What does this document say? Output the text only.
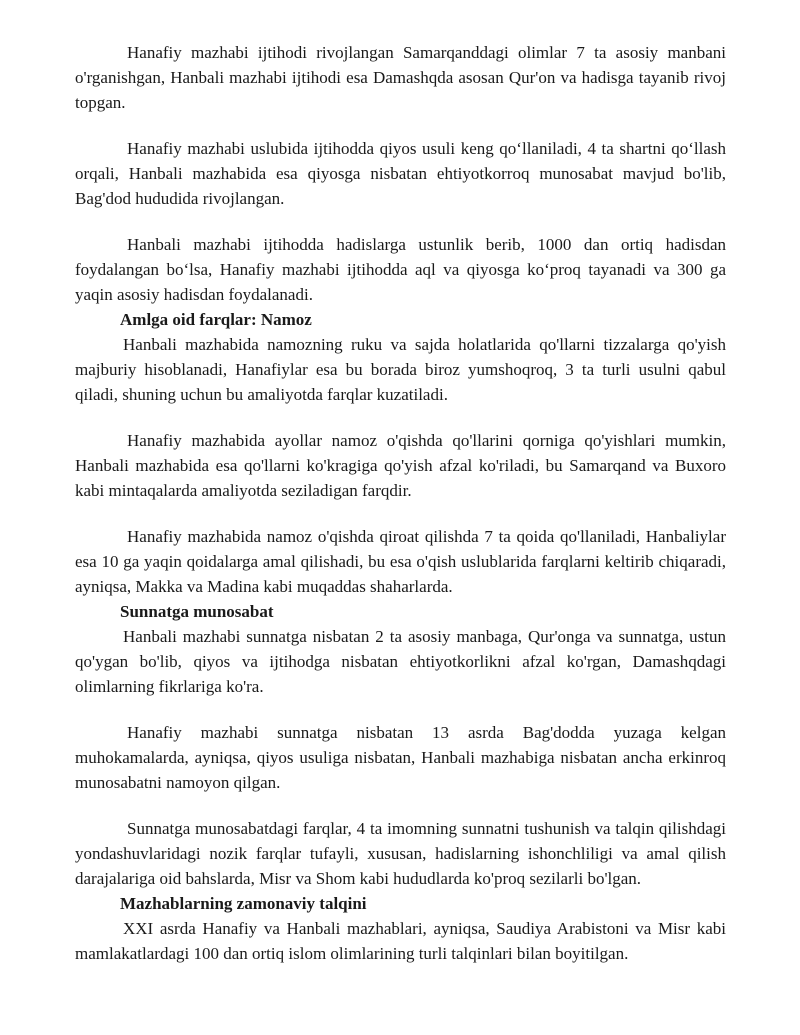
Hanafiy mazhabi ijtihodi rivojlangan Samarqanddagi olimlar 7 ta asosiy manbani o'rganishgan, Hanbali mazhabi ijtihodi esa Damashqda asosan Qur'on va hadisga tayanib rivoj topgan.

Hanafiy mazhabi uslubida ijtihodda qiyos usuli keng qo‘llaniladi, 4 ta shartni qo‘llash orqali, Hanbali mazhabida esa qiyosga nisbatan ehtiyotkorroq munosabat mavjud bo'lib, Bag'dod hududida rivojlangan.

Hanbali mazhabi ijtihodda hadislarga ustunlik berib, 1000 dan ortiq hadisdan foydalangan bo‘lsa, Hanafiy mazhabi ijtihodda aql va qiyosga ko‘proq tayanadi va 300 ga yaqin asosiy hadisdan foydalanadi.

Amlga oid farqlar: Namoz

Hanbali mazhabida namozning ruku va sajda holatlarida qo'llarni tizzalarga qo'yish majburiy hisoblanadi, Hanafiylar esa bu borada biroz yumshoqroq, 3 ta turli usulni qabul qiladi, shuning uchun bu amaliyotda farqlar kuzatiladi.

Hanafiy mazhabida ayollar namoz o'qishda qo'llarini qorniga qo'yishlari mumkin, Hanbali mazhabida esa qo'llarni ko'kragiga qo'yish afzal ko'riladi, bu Samarqand va Buxoro kabi mintaqalarda amaliyotda seziladigan farqdir.

Hanafiy mazhabida namoz o'qishda qiroat qilishda 7 ta qoida qo'llaniladi, Hanbaliylar esa 10 ga yaqin qoidalarga amal qilishadi, bu esa o'qish uslublarida farqlarni keltirib chiqaradi, ayniqsa, Makka va Madina kabi muqaddas shaharlarda.

Sunnatga munosabat

Hanbali mazhabi sunnatga nisbatan 2 ta asosiy manbaga, Qur'onga va sunnatga, ustun qo'ygan bo'lib, qiyos va ijtihodga nisbatan ehtiyotkorlikni afzal ko'rgan, Damashqdagi olimlarning fikrlariga ko'ra.

Hanafiy mazhabi sunnatga nisbatan 13 asrda Bag'dodda yuzaga kelgan muhokamalarda, ayniqsa, qiyos usuliga nisbatan, Hanbali mazhabiga nisbatan ancha erkinroq munosabatni namoyon qilgan.

Sunnatga munosabatdagi farqlar, 4 ta imomning sunnatni tushunish va talqin qilishdagi yondashuvlaridagi nozik farqlar tufayli, xususan, hadislarning ishonchliligi va amal qilish darajalariga oid bahslarda, Misr va Shom kabi hududlarda ko'proq sezilarli bo'lgan.

Mazhablarning zamonaviy talqini

XXI asrda Hanafiy va Hanbali mazhablari, ayniqsa, Saudiya Arabistoni va Misr kabi mamlakatlardagi 100 dan ortiq islom olimlarining turli talqinlari bilan boyitilgan.
